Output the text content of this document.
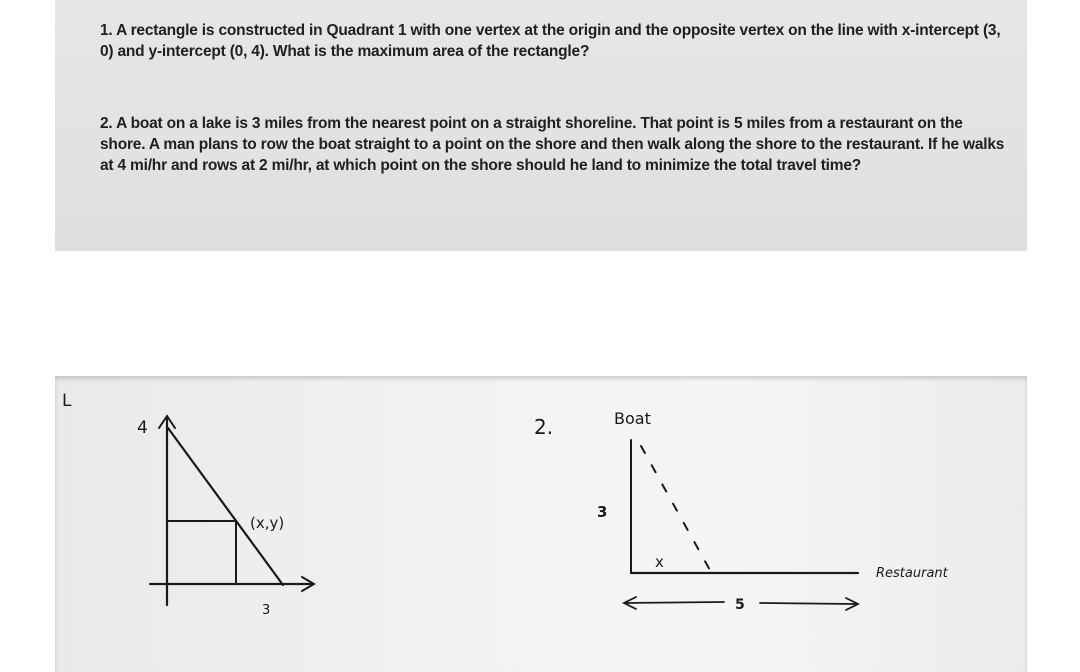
1. A rectangle is constructed in Quadrant 1 with one vertex at the origin and the opposite vertex on the line with x-intercept (3, 0) and y-intercept (0, 4). What is the maximum area of the rectangle?
2. A boat on a lake is 3 miles from the nearest point on a straight shoreline. That point is 5 miles from a restaurant on the shore. A man plans to row the boat straight to a point on the shore and then walk along the shore to the restaurant. If he walks at 4 mi/hr and rows at 2 mi/hr, at which point on the shore should he land to minimize the total travel time?
L
4
3
(x,y)
2.	Boat
3
x
Restaurant
5
